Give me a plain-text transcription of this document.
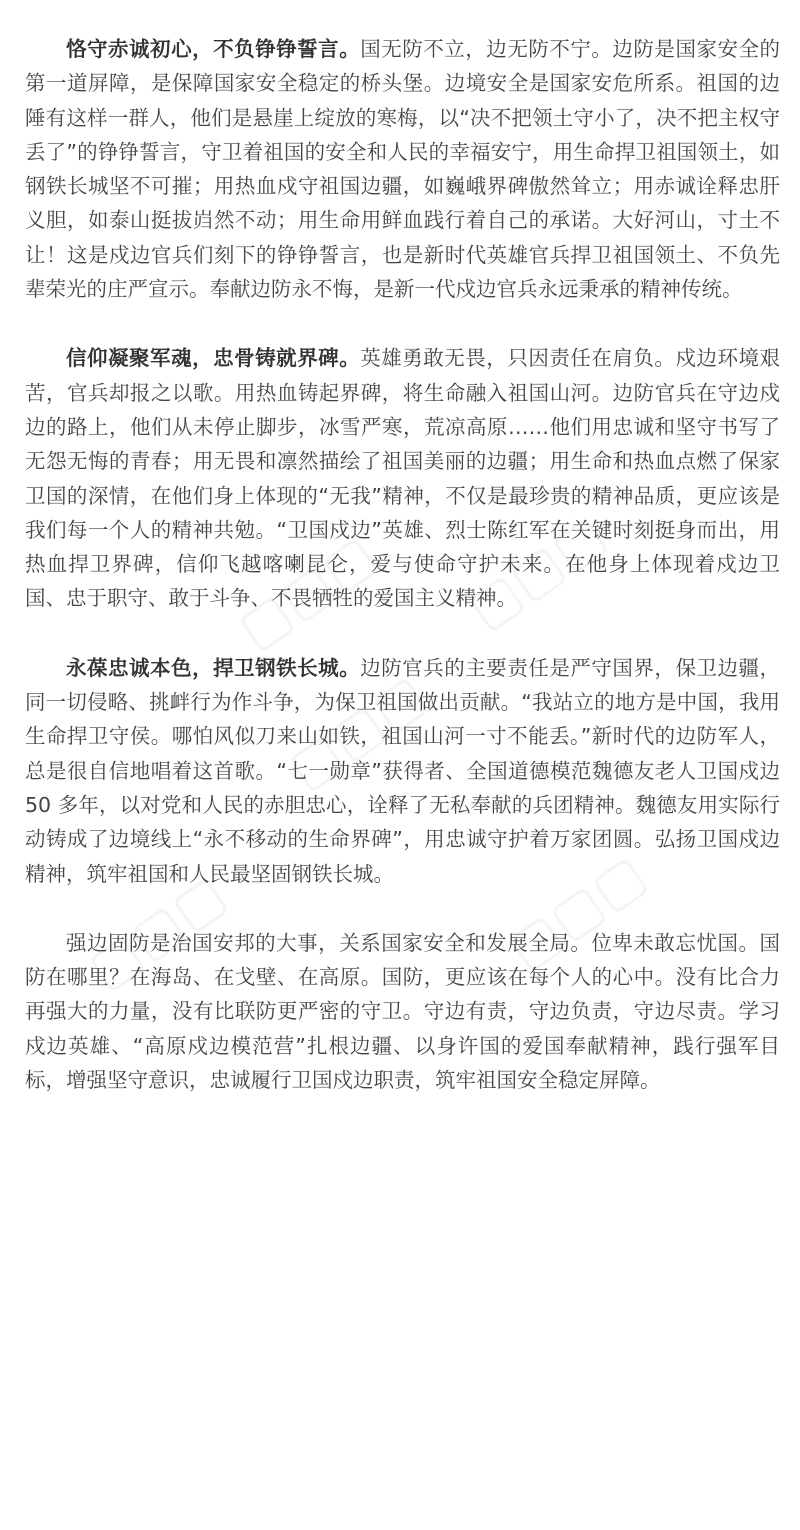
恪守赤诚初心，不负铮铮誓言。国无防不立，边无防不宁。边防是国家安全的第一道屏障，是保障国家安全稳定的桥头堡。边境安全是国家安危所系。祖国的边陲有这样一群人，他们是悬崖上绽放的寒梅，以“决不把领土守小了，决不把主权守丢了”的铮铮誓言，守卫着祖国的安全和人民的幸福安宁，用生命捍卫祖国领土，如钢铁长城坚不可摧；用热血戍守祖国边疆，如巍峨界碑傲然耸立；用赤诚诠释忠肝义胆，如泰山挺拔岿然不动；用生命用鲜血践行着自己的承诺。大好河山，寸土不让！这是戍边官兵们刻下的铮铮誓言，也是新时代英雄官兵捍卫祖国领土、不负先辈荣光的庄严宣示。奉献边防永不悔，是新一代戍边官兵永远秉承的精神传统。

信仰凝聚军魂，忠骨铸就界碑。英雄勇敢无畏，只因责任在肩负。戍边环境艰苦，官兵却报之以歌。用热血铸起界碑，将生命融入祖国山河。边防官兵在守边戍边的路上，他们从未停止脚步，冰雪严寒，荒凉高原……他们用忠诚和坚守书写了无怨无悔的青春；用无畏和凛然描绘了祖国美丽的边疆；用生命和热血点燃了保家卫国的深情，在他们身上体现的“无我”精神，不仅是最珍贵的精神品质，更应该是我们每一个人的精神共勉。“卫国戍边”英雄、烈士陈红军在关键时刻挺身而出，用热血捍卫界碑，信仰飞越喀喇昆仑，爱与使命守护未来。在他身上体现着戍边卫国、忠于职守、敢于斗争、不畏牺牲的爱国主义精神。

永葆忠诚本色，捍卫钢铁长城。边防官兵的主要责任是严守国界，保卫边疆，同一切侵略、挑衅行为作斗争，为保卫祖国做出贡献。“我站立的地方是中国，我用生命捍卫守侯。哪怕风似刀来山如铁，祖国山河一寸不能丢。”新时代的边防军人，总是很自信地唱着这首歌。“七一勋章”获得者、全国道德模范魏德友老人卫国戍边 50 多年，以对党和人民的赤胆忠心，诠释了无私奉献的兵团精神。魏德友用实际行动铸成了边境线上“永不移动的生命界碑”，用忠诚守护着万家团圆。弘扬卫国戍边精神，筑牢祖国和人民最坚固钢铁长城。

强边固防是治国安邦的大事，关系国家安全和发展全局。位卑未敢忘忧国。国防在哪里？在海岛、在戈壁、在高原。国防，更应该在每个人的心中。没有比合力再强大的力量，没有比联防更严密的守卫。守边有责，守边负责，守边尽责。学习戍边英雄、“高原戍边模范营”扎根边疆、以身许国的爱国奉献精神，践行强军目标，增强坚守意识，忠诚履行卫国戍边职责，筑牢祖国安全稳定屏障。
